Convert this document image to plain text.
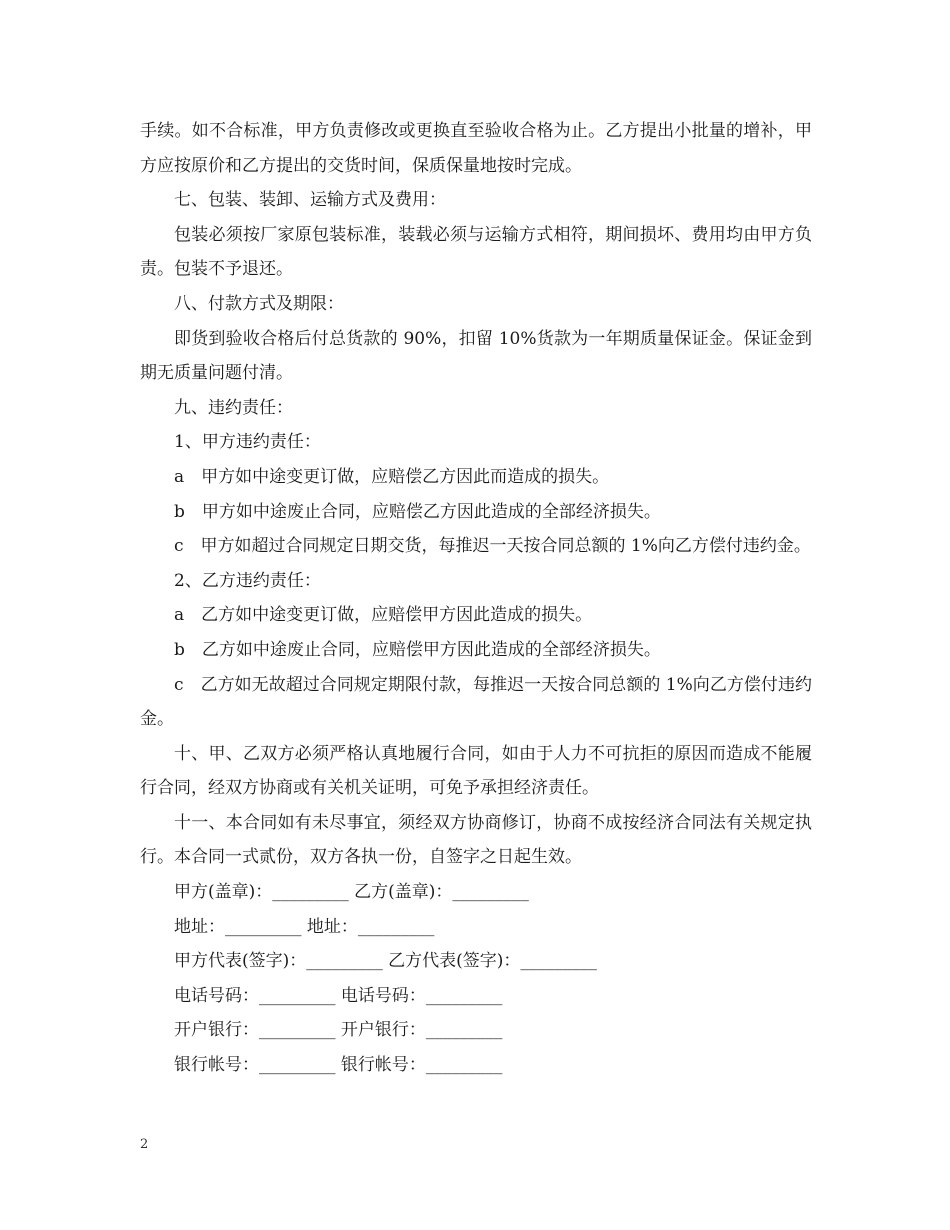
手续。如不合标准，甲方负责修改或更换直至验收合格为止。乙方提出小批量的增补，甲方应按原价和乙方提出的交货时间，保质保量地按时完成。

七、包装、装卸、运输方式及费用：

包装必须按厂家原包装标准，装载必须与运输方式相符，期间损坏、费用均由甲方负责。包装不予退还。

八、付款方式及期限：

即货到验收合格后付总货款的 90%，扣留 10%货款为一年期质量保证金。保证金到期无质量问题付清。

九、违约责任：

1、甲方违约责任：

a　甲方如中途变更订做，应赔偿乙方因此而造成的损失。

b　甲方如中途废止合同，应赔偿乙方因此造成的全部经济损失。

c　甲方如超过合同规定日期交货，每推迟一天按合同总额的 1%向乙方偿付违约金。

2、乙方违约责任：

a　乙方如中途变更订做，应赔偿甲方因此造成的损失。

b　乙方如中途废止合同，应赔偿甲方因此造成的全部经济损失。

c　乙方如无故超过合同规定期限付款，每推迟一天按合同总额的 1%向乙方偿付违约金。

十、甲、乙双方必须严格认真地履行合同，如由于人力不可抗拒的原因而造成不能履行合同，经双方协商或有关机关证明，可免予承担经济责任。

十一、本合同如有未尽事宜，须经双方协商修订，协商不成按经济合同法有关规定执行。本合同一式贰份，双方各执一份，自签字之日起生效。

甲方(盖章)：_________ 乙方(盖章)：_________

地址：_________ 地址：_________

甲方代表(签字)：_________ 乙方代表(签字)：_________

电话号码：_________ 电话号码：_________

开户银行：_________ 开户银行：_________

银行帐号：_________ 银行帐号：_________

2
